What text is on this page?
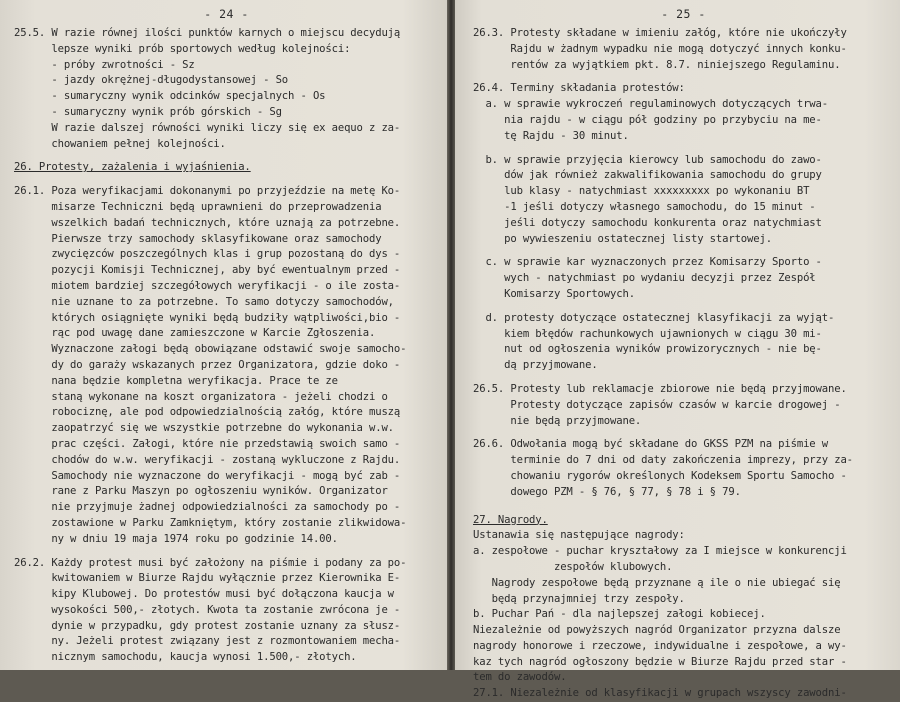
- 24 -
25.5. W razie równej ilości punktów karnych o miejscu decydują
lepsze wyniki prób sportowych według kolejności:
- próby zwrotności - Sz
- jazdy okrężnej-długodystansowej - So
- sumaryczny wynik odcinków specjalnych - Os
- sumaryczny wynik prób górskich - Sg
W razie dalszej równości wyniki liczy się ex aequo z za-
chowaniem pełnej kolejności.
26. Protesty, zażalenia i wyjaśnienia.
26.1. Poza weryfikacjami dokonanymi po przyjeździe na metę Ko-
misarze Techniczni będą uprawnieni do przeprowadzenia
wszelkich badań technicznych, które uznają za potrzebne.
Pierwsze trzy samochody sklasyfikowane oraz samochody
zwycięzców poszczególnych klas i grup pozostaną do dys -
pozycji Komisji Technicznej, aby być ewentualnym przed -
miotem bardziej szczegółowych weryfikacji - o ile zosta-
nie uznane to za potrzebne. To samo dotyczy samochodów,
których osiągnięte wyniki będą budziły wątpliwości,bio -
rąc pod uwagę dane zamieszczone w Karcie Zgłoszenia.
Wyznaczone załogi będą obowiązane odstawić swoje samocho-
dy do garaży wskazanych przez Organizatora, gdzie doko -
nana będzie kompletna weryfikacja. Prace te ze
staną wykonane na koszt organizatora - jeżeli chodzi o
robociznę, ale pod odpowiedzialnością załóg, które muszą
zaopatrzyć się we wszystkie potrzebne do wykonania w.w.
prac części. Załogi, które nie przedstawią swoich samo -
chodów do w.w. weryfikacji - zostaną wykluczone z Rajdu.
Samochody nie wyznaczone do weryfikacji - mogą być zab -
rane z Parku Maszyn po ogłoszeniu wyników. Organizator
nie przyjmuje żadnej odpowiedzialności za samochody po -
zostawione w Parku Zamkniętym, który zostanie zlikwidowa-
ny w dniu 19 maja 1974 roku po godzinie 14.00.
26.2. Każdy protest musi być założony na piśmie i podany za po-
kwitowaniem w Biurze Rajdu wyłącznie przez Kierownika E-
kipy Klubowej. Do protestów musi być dołączona kaucja w
wysokości 500,- złotych. Kwota ta zostanie zwrócona je -
dynie w przypadku, gdy protest zostanie uznany za słusz-
ny. Jeżeli protest związany jest z rozmontowaniem mecha-
nicznym samochodu, kaucja wynosi 1.500,- złotych.
- 25 -
26.3. Protesty składane w imieniu załóg, które nie ukończyły
Rajdu w żadnym wypadku nie mogą dotyczyć innych konku-
rentów za wyjątkiem pkt. 8.7. niniejszego Regulaminu.
26.4. Terminy składania protestów:
a. w sprawie wykroczeń regulaminowych dotyczących trwa-
nia rajdu - w ciągu pół godziny po przybyciu na me-
tę Rajdu - 30 minut.
b. w sprawie przyjęcia kierowcy lub samochodu do zawo-
dów jak również zakwalifikowania samochodu do grupy
lub klasy - natychmiast xxxxxxxxx po wykonaniu BT
-1 jeśli dotyczy własnego samochodu, do 15 minut -
jeśli dotyczy samochodu konkurenta oraz natychmiast
po wywieszeniu ostatecznej listy startowej.
c. w sprawie kar wyznaczonych przez Komisarzy Sporto -
wych - natychmiast po wydaniu decyzji przez Zespół
Komisarzy Sportowych.
d. protesty dotyczące ostatecznej klasyfikacji za wyjąt-
kiem błędów rachunkowych ujawnionych w ciągu 30 mi-
nut od ogłoszenia wyników prowizorycznych - nie bę-
dą przyjmowane.
26.5. Protesty lub reklamacje zbiorowe nie będą przyjmowane.
Protesty dotyczące zapisów czasów w karcie drogowej -
nie będą przyjmowane.
26.6. Odwołania mogą być składane do GKSS PZM na piśmie w
terminie do 7 dni od daty zakończenia imprezy, przy za-
chowaniu rygorów określonych Kodeksem Sportu Samocho -
dowego PZM - § 76, § 77, § 78 i § 79.
27. Nagrody.
Ustanawia się następujące nagrody:
a. zespołowe - puchar kryształowy za I miejsce w konkurencji
zespołów klubowych.
Nagrody zespołowe będą przyznane ą ile o nie ubiegać się
będą przynajmniej trzy zespoły.
b. Puchar Pań - dla najlepszej załogi kobiecej.
Niezależnie od powyższych nagród Organizator przyzna dalsze
nagrody honorowe i rzeczowe, indywidualne i zespołowe, a wy-
kaz tych nagród ogłoszony będzie w Biurze Rajdu przed star -
tem do zawodów.
27.1. Niezależnie od klasyfikacji w grupach wszyscy zawodni-
